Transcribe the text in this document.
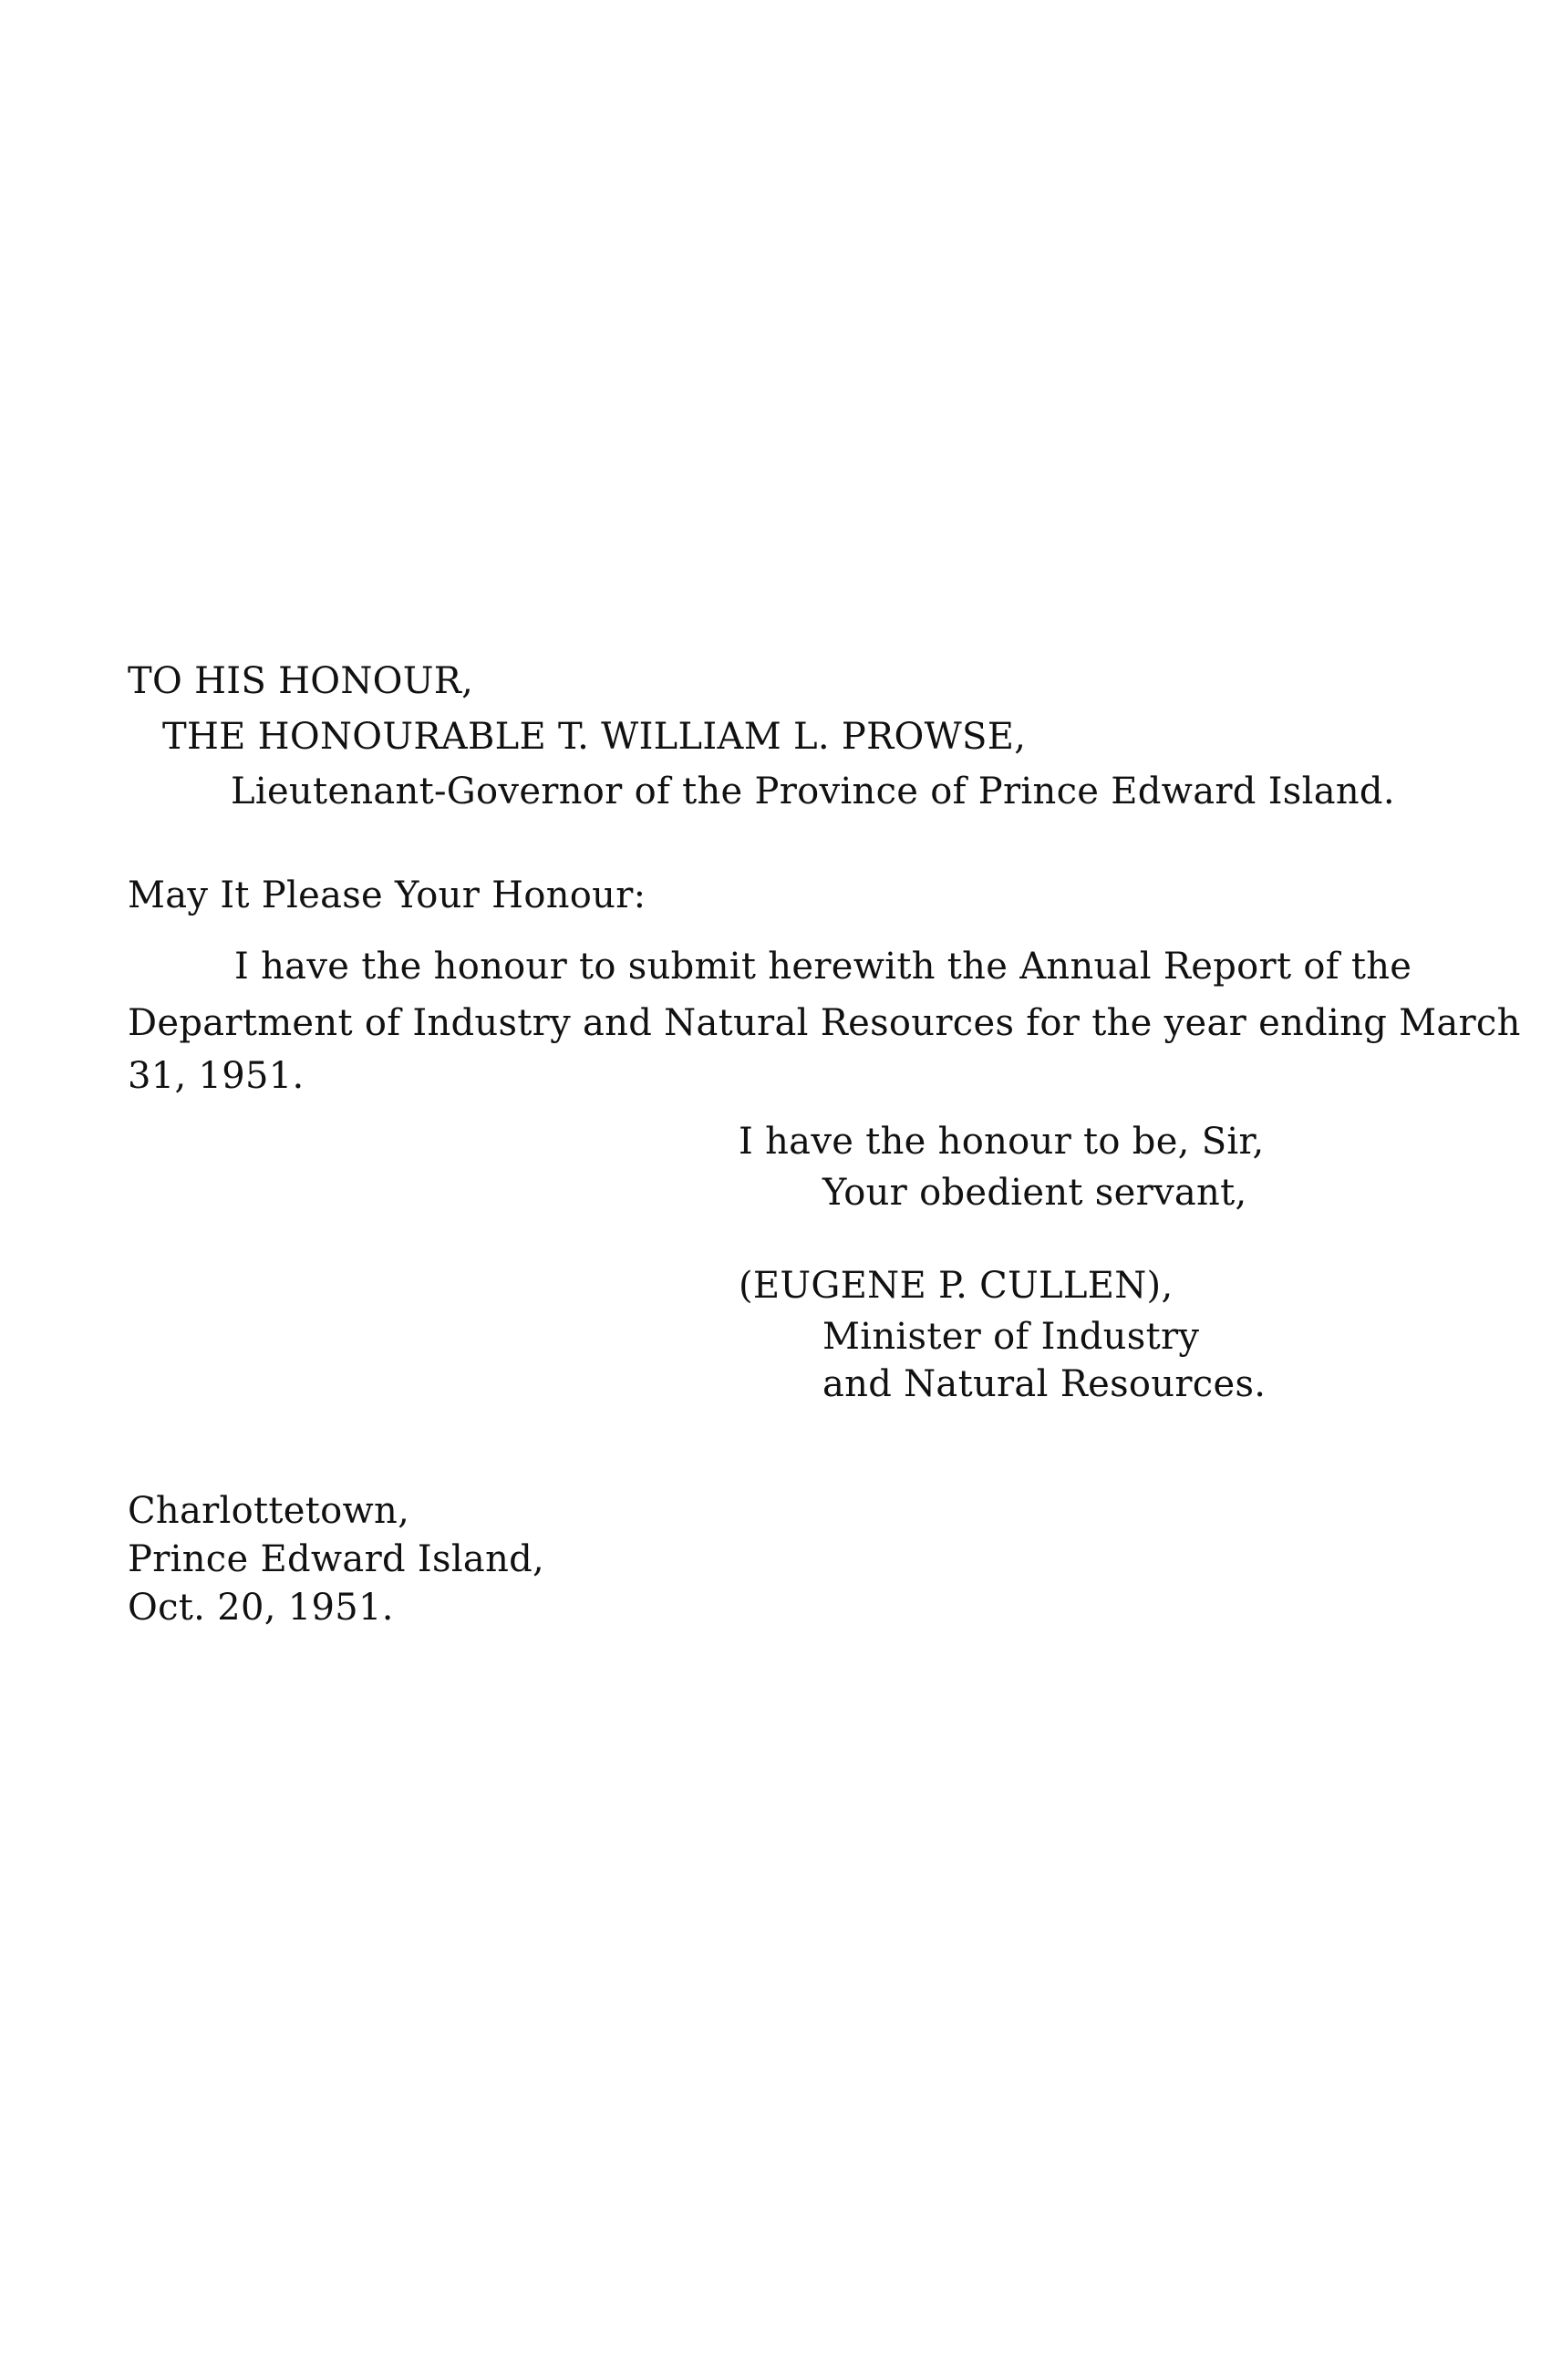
TO HIS HONOUR,
THE HONOURABLE T. WILLIAM L. PROWSE,
Lieutenant-Governor of the Province of Prince Edward Island.
May It Please Your Honour:
I have the honour to submit herewith the Annual Report of the
Department of Industry and Natural Resources for the year ending March
31, 1951.
I have the honour to be, Sir,
Your obedient servant,
(EUGENE P. CULLEN),
Minister of Industry
and Natural Resources.
Charlottetown,
Prince Edward Island,
Oct. 20, 1951.
